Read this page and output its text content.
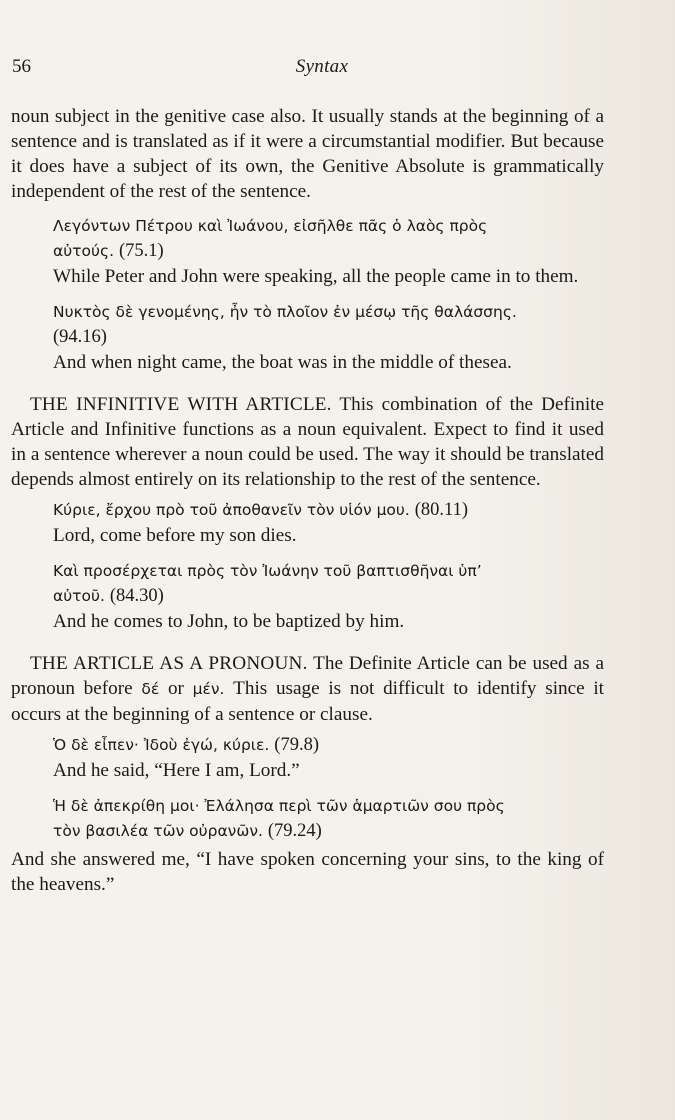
56	Syntax

noun subject in the genitive case also. It usually stands at the beginning of a sentence and is translated as if it were a circumstantial modifier. But because it does have a subject of its own, the Genitive Absolute is grammatically independent of the rest of the sentence.

Λεγόντων Πέτρου καὶ Ἰωάνου, εἰσῆλθε πᾶς ὁ λαὸς πρὸς
αὐτούς. (75.1)
While Peter and John were speaking, all the people came in to them.
Νυκτὸς δὲ γενομένης, ἦν τὸ πλοῖον ἐν μέσῳ τῆς θαλάσσης.
(94.16)
And when night came, the boat was in the middle of thesea.

THE INFINITIVE WITH ARTICLE. This combination of the Definite Article and Infinitive functions as a noun equivalent. Expect to find it used in a sentence wherever a noun could be used. The way it should be translated depends almost entirely on its relationship to the rest of the sentence.

Κύριε, ἔρχου πρὸ τοῦ ἀποθανεῖν τὸν υἱόν μου. (80.11)
Lord, come before my son dies.
Καὶ προσέρχεται πρὸς τὸν Ἰωάνην τοῦ βαπτισθῆναι ὑπ’
αὐτοῦ. (84.30)
And he comes to John, to be baptized by him.

THE ARTICLE AS A PRONOUN. The Definite Article can be used as a pronoun before δέ or μέν. This usage is not difficult to identify since it occurs at the beginning of a sentence or clause.

Ὁ δὲ εἶπεν· Ἰδοὺ ἐγώ, κύριε. (79.8)
And he said, “Here I am, Lord.”
Ἡ δὲ ἀπεκρίθη μοι· Ἐλάλησα περὶ τῶν ἁμαρτιῶν σου πρὸς
τὸν βασιλέα τῶν οὐρανῶν. (79.24)

And she answered me, “I have spoken concerning your sins, to the king of the heavens.”
